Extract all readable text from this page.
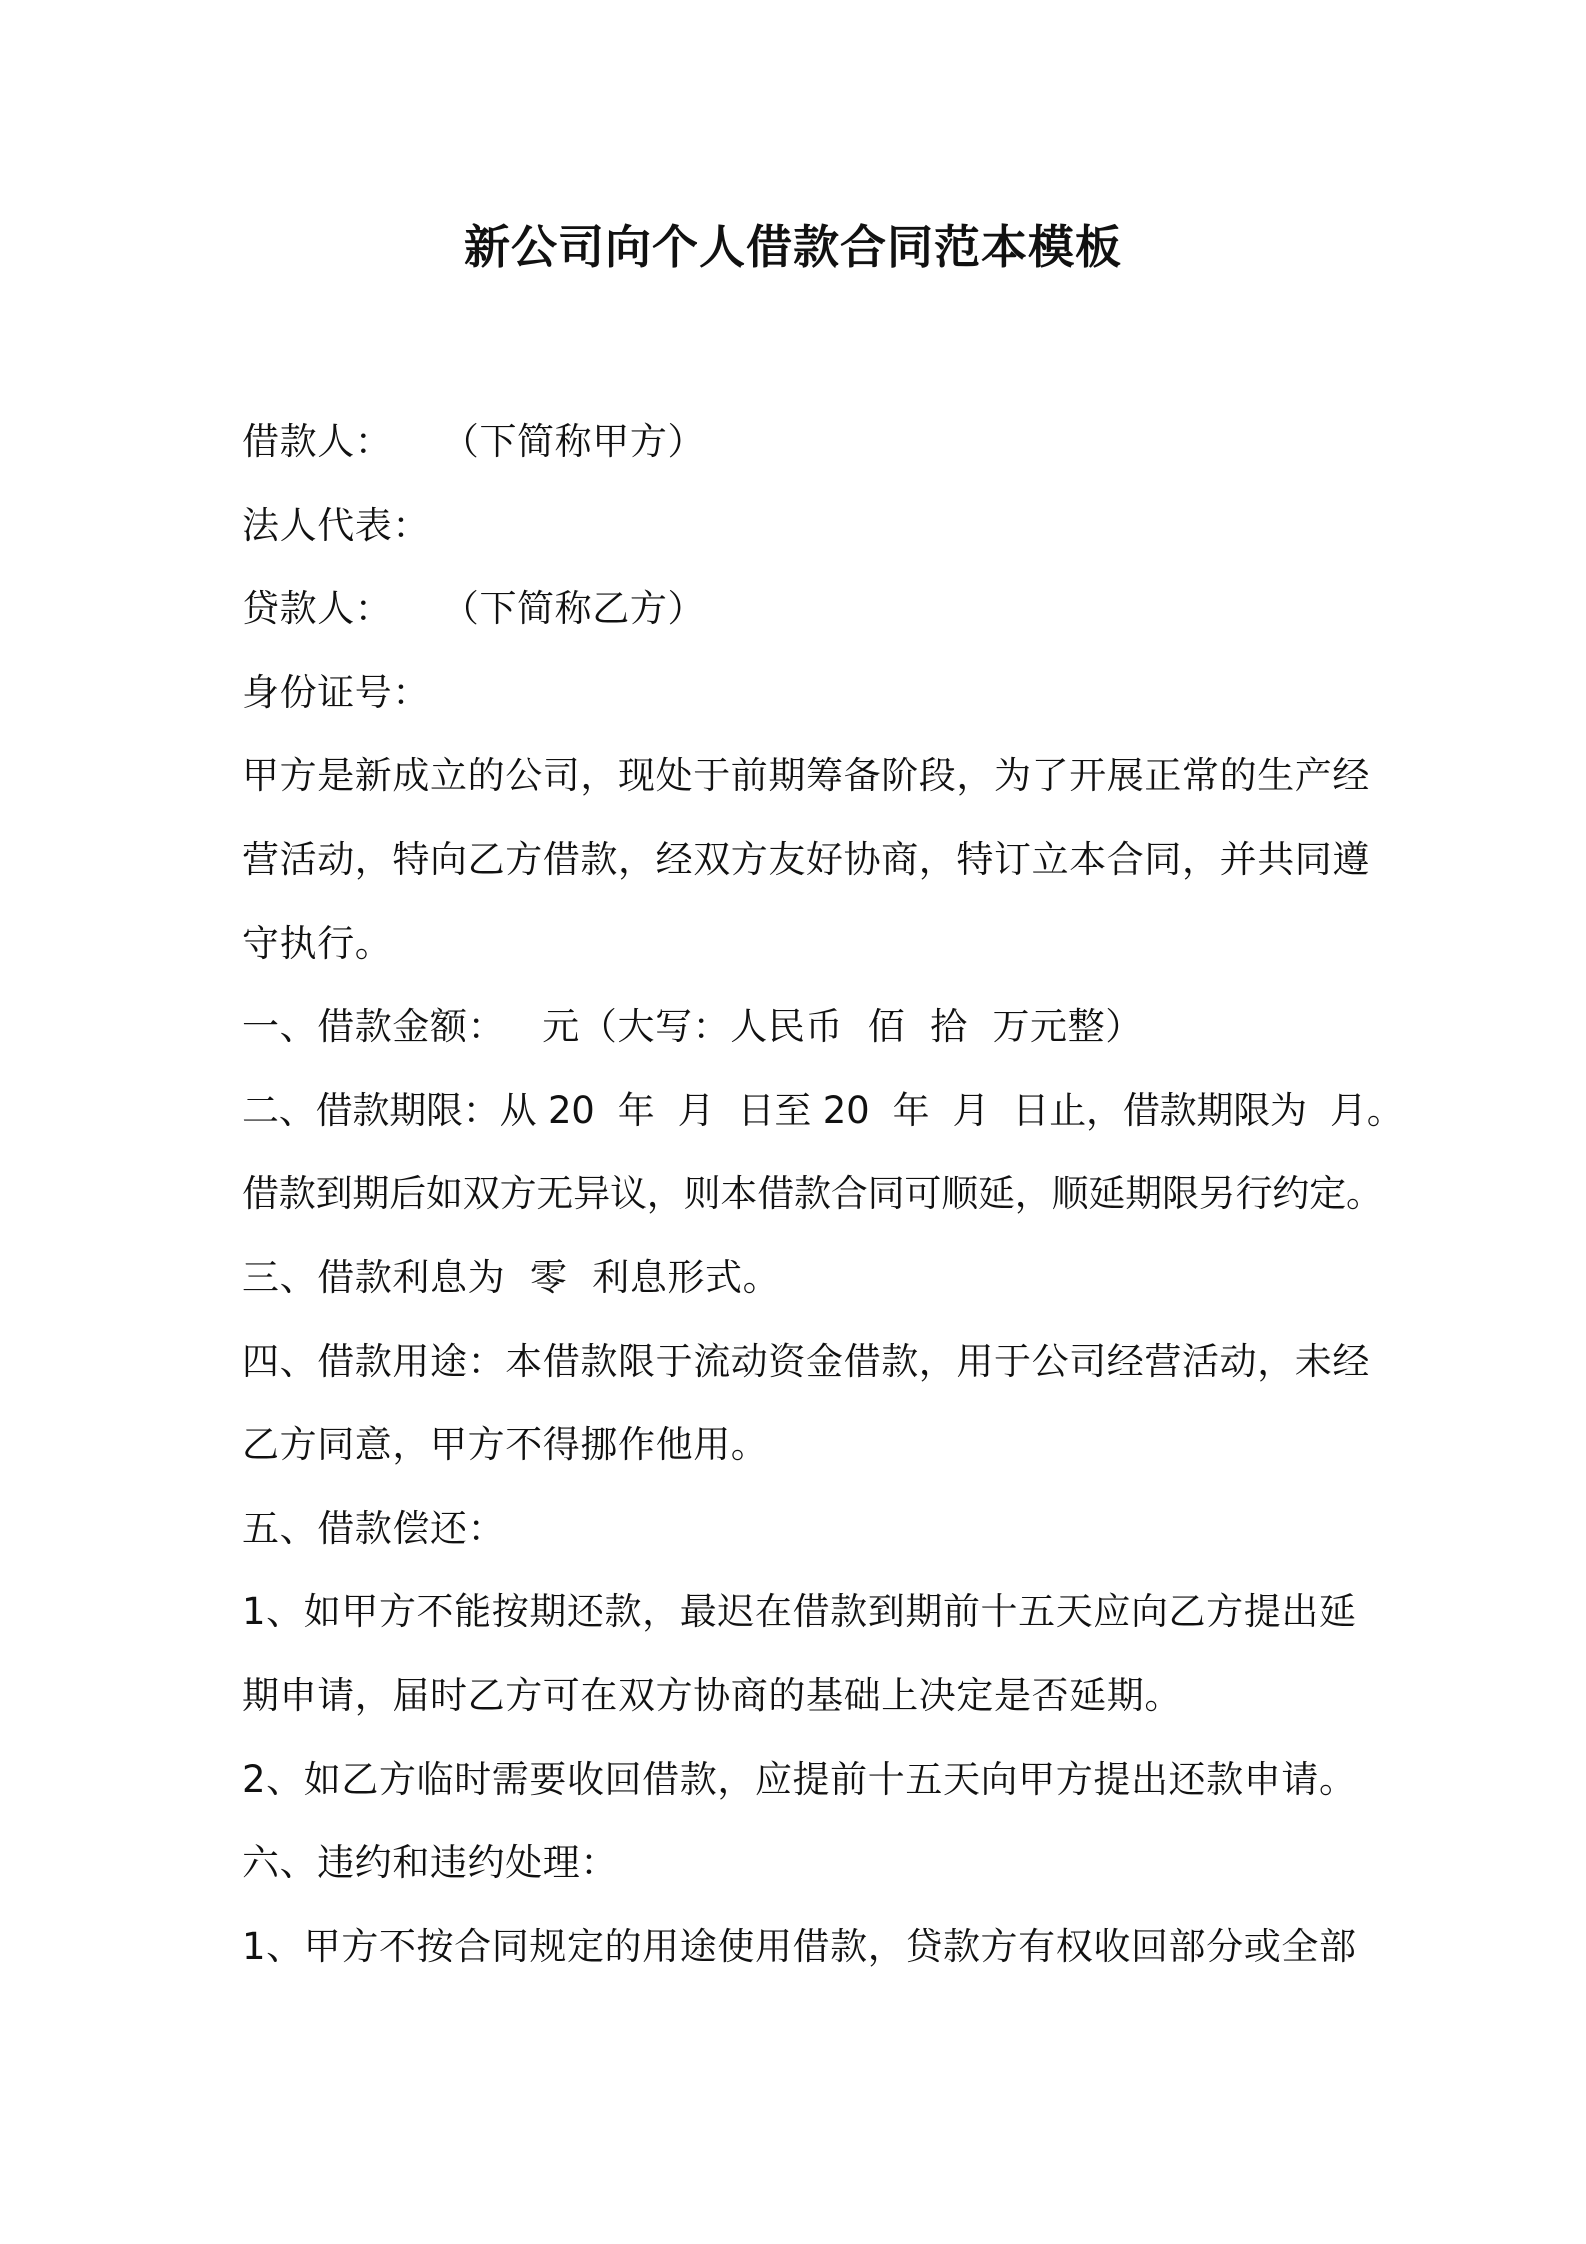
新公司向个人借款合同范本模板

借款人：    （下简称甲方）

法人代表：

贷款人：    （下简称乙方）

身份证号：

甲方是新成立的公司，现处于前期筹备阶段，为了开展正常的生产经

营活动，特向乙方借款，经双方友好协商，特订立本合同，并共同遵

守执行。

一、借款金额：   元（大写：人民币  佰  拾  万元整）

二、借款期限：从 20  年  月  日至 20  年  月  日止，借款期限为  月。

借款到期后如双方无异议，则本借款合同可顺延，顺延期限另行约定。

三、借款利息为  零  利息形式。

四、借款用途：本借款限于流动资金借款，用于公司经营活动，未经

乙方同意，甲方不得挪作他用。

五、借款偿还：

1、如甲方不能按期还款，最迟在借款到期前十五天应向乙方提出延

期申请，届时乙方可在双方协商的基础上决定是否延期。

2、如乙方临时需要收回借款，应提前十五天向甲方提出还款申请。

六、违约和违约处理：

1、甲方不按合同规定的用途使用借款，贷款方有权收回部分或全部
